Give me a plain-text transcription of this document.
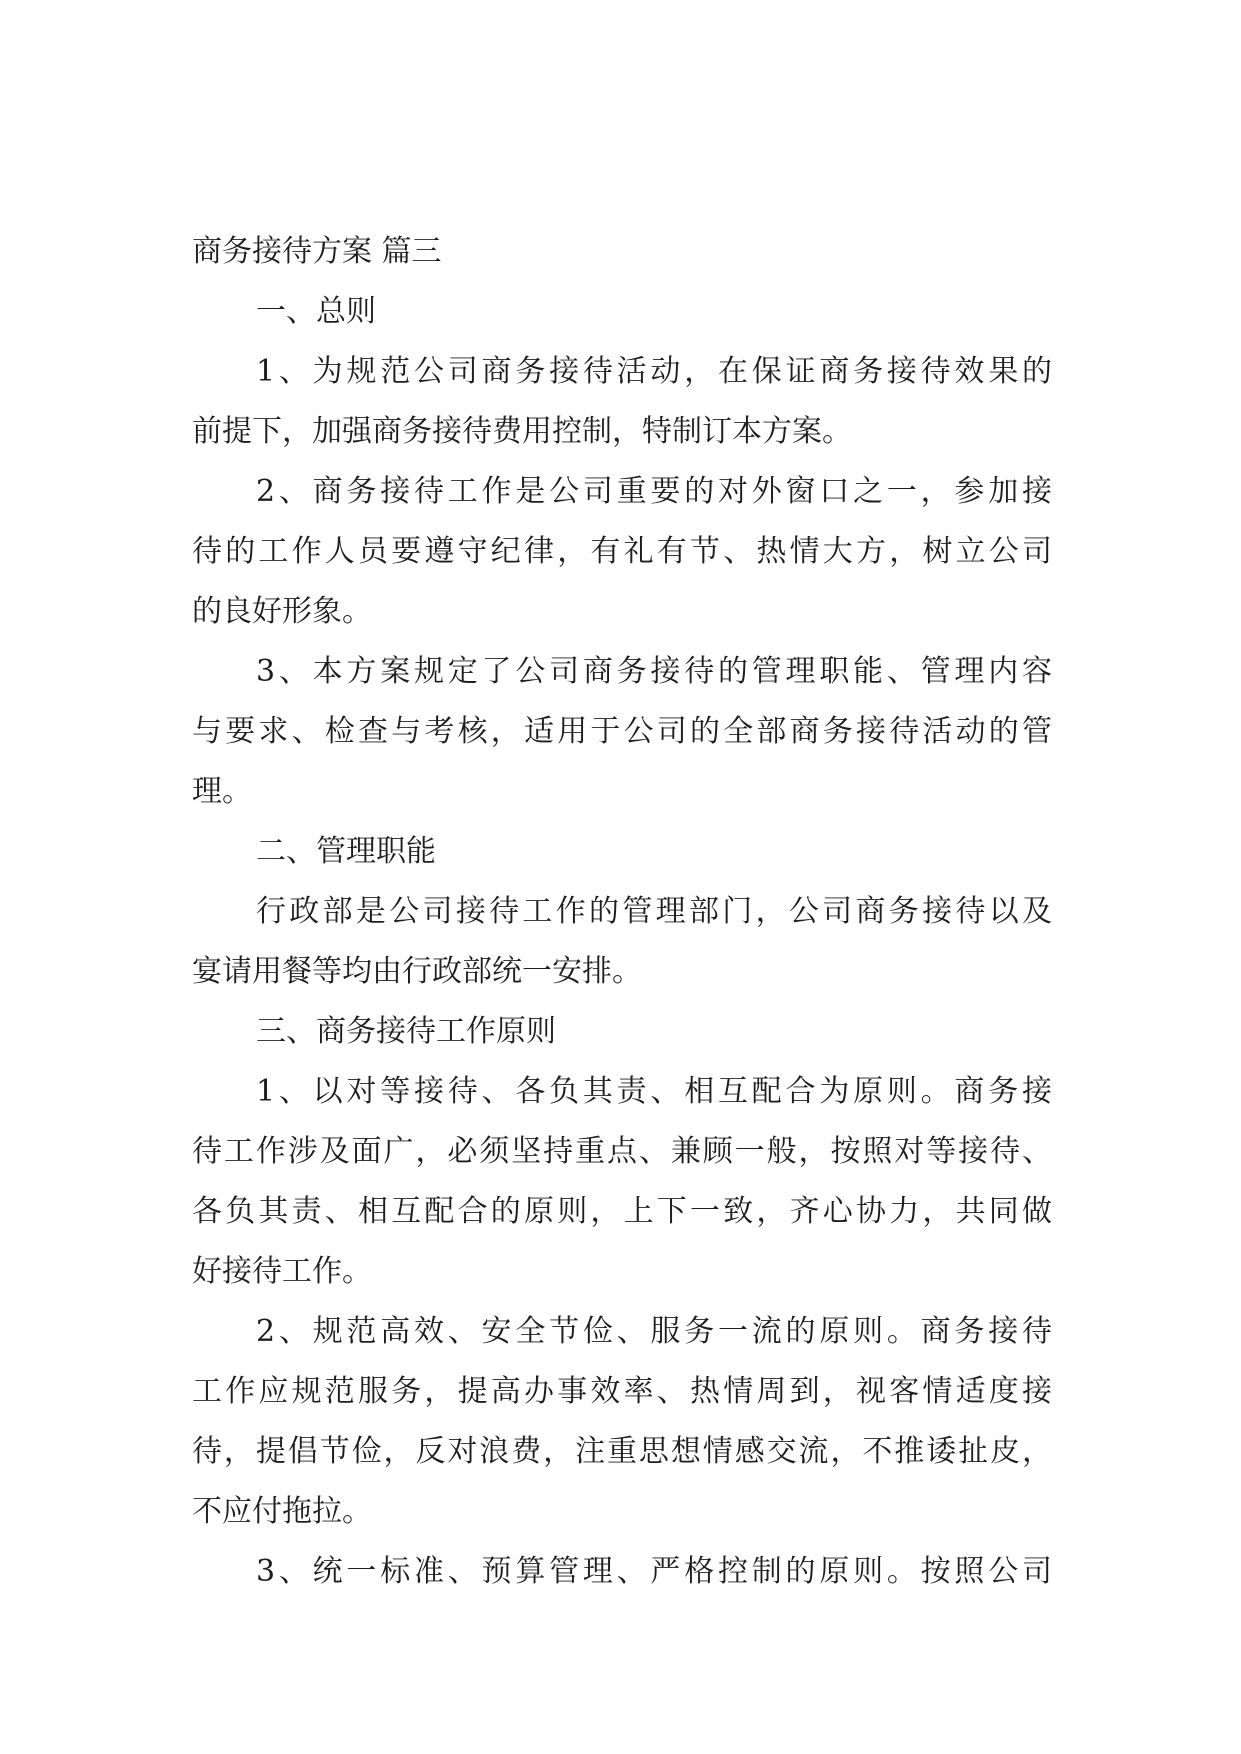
商务接待方案 篇三
一、总则
1、为规范公司商务接待活动，在保证商务接待效果的
前提下，加强商务接待费用控制，特制订本方案。
2、商务接待工作是公司重要的对外窗口之一，参加接
待的工作人员要遵守纪律，有礼有节、热情大方，树立公司
的良好形象。
3、本方案规定了公司商务接待的管理职能、管理内容
与要求、检查与考核，适用于公司的全部商务接待活动的管
理。
二、管理职能
行政部是公司接待工作的管理部门，公司商务接待以及
宴请用餐等均由行政部统一安排。
三、商务接待工作原则
1、以对等接待、各负其责、相互配合为原则。商务接
待工作涉及面广，必须坚持重点、兼顾一般，按照对等接待、
各负其责、相互配合的原则，上下一致，齐心协力，共同做
好接待工作。
2、规范高效、安全节俭、服务一流的原则。商务接待
工作应规范服务，提高办事效率、热情周到，视客情适度接
待，提倡节俭，反对浪费，注重思想情感交流，不推诿扯皮，
不应付拖拉。
3、统一标准、预算管理、严格控制的原则。按照公司
